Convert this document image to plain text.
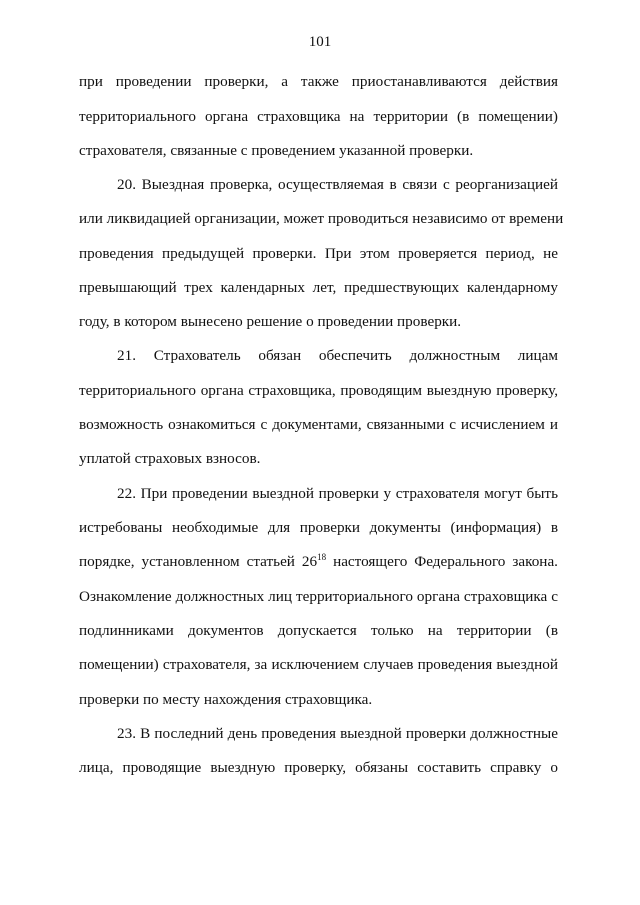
101
при проведении проверки, а также приостанавливаются действия
территориального органа страховщика на территории (в помещении)
страхователя, связанные с проведением указанной проверки.
20. Выездная проверка, осуществляемая в связи с реорганизацией
или ликвидацией организации, может проводиться независимо от времени
проведения предыдущей проверки. При этом проверяется период, не
превышающий трех календарных лет, предшествующих календарному
году, в котором вынесено решение о проведении проверки.
21. Страхователь обязан обеспечить должностным лицам
территориального органа страховщика, проводящим выездную проверку,
возможность ознакомиться с документами, связанными с исчислением и
уплатой страховых взносов.
22. При проведении выездной проверки у страхователя могут быть
истребованы необходимые для проверки документы (информация) в
порядке, установленном статьей $26^{18}$ настоящего Федерального закона.
Ознакомление должностных лиц территориального органа страховщика с
подлинниками документов допускается только на территории (в
помещении) страхователя, за исключением случаев проведения выездной
проверки по месту нахождения страховщика.
23. В последний день проведения выездной проверки должностные
лица, проводящие выездную проверку, обязаны составить справку о
